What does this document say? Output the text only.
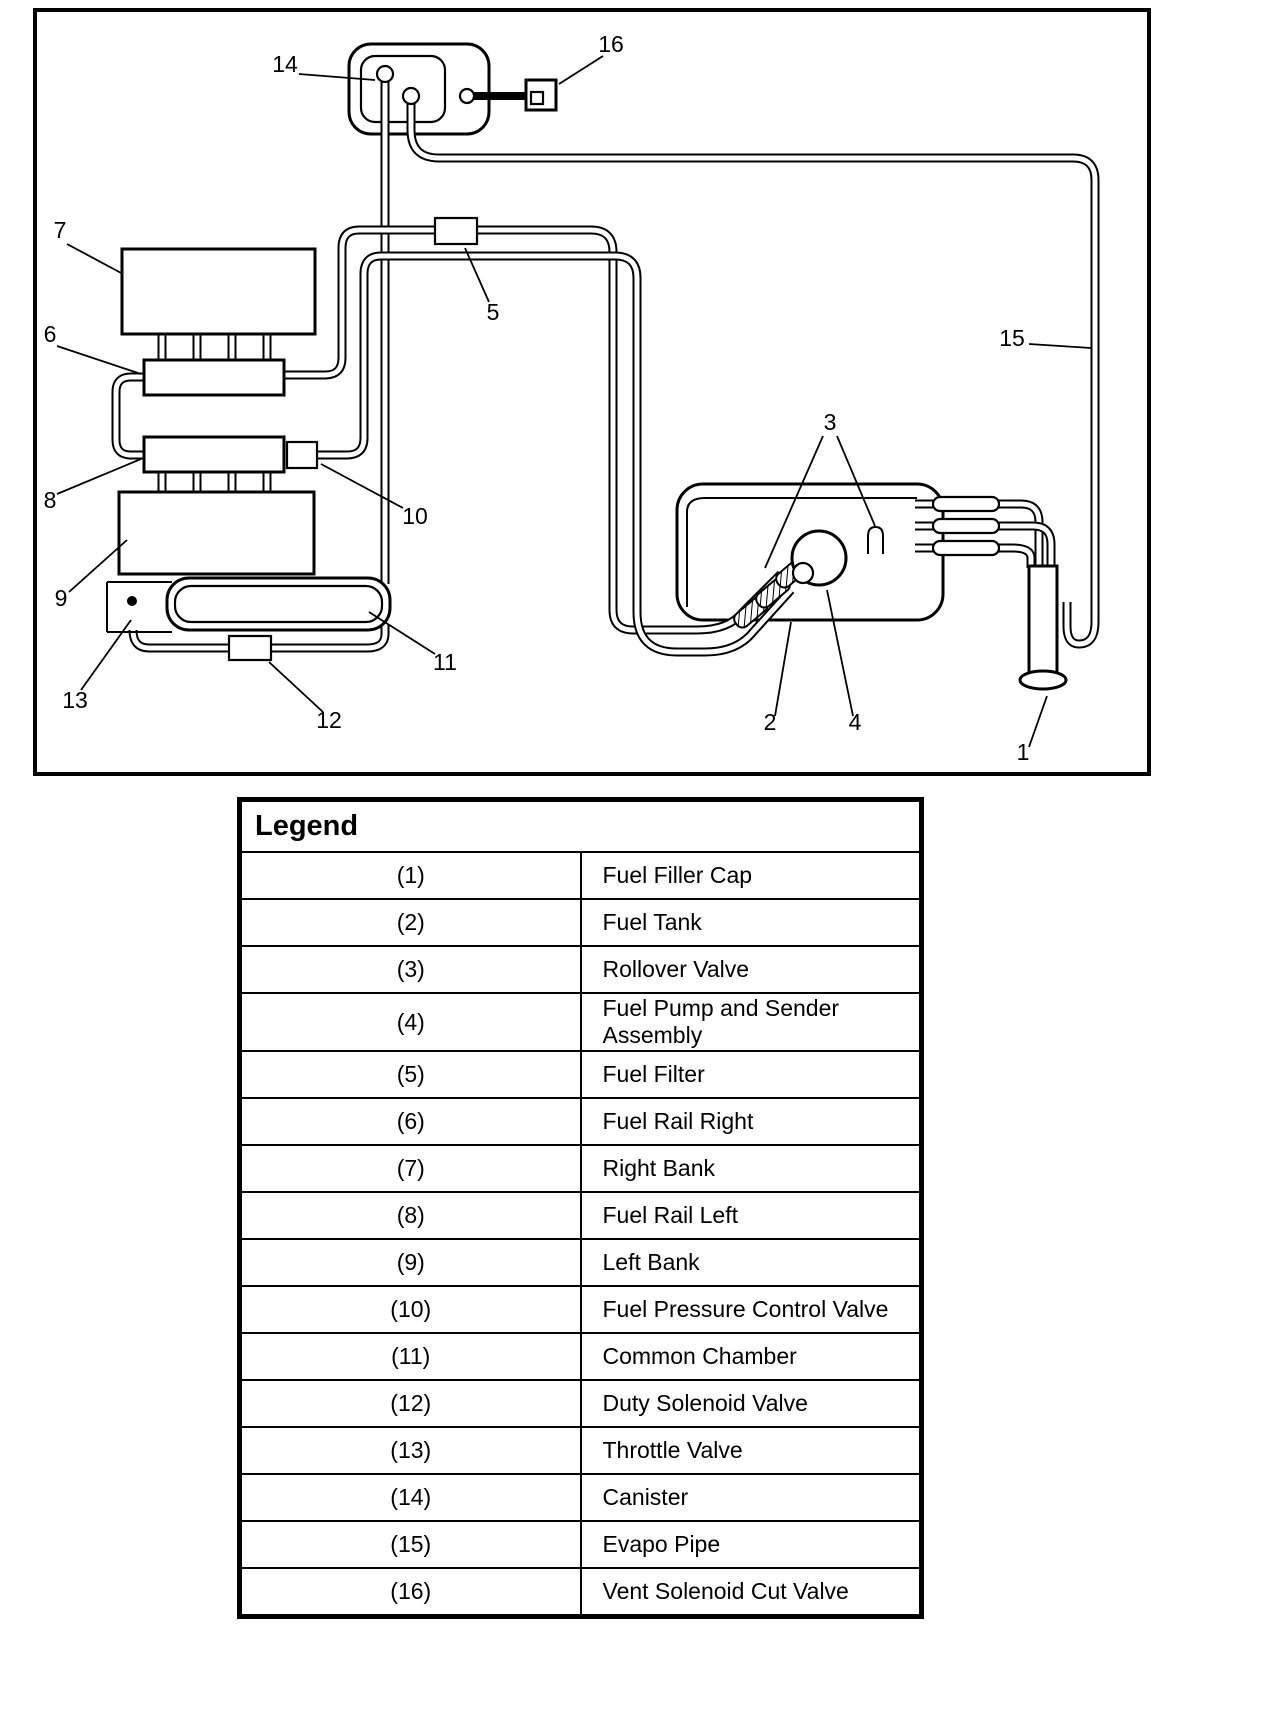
1
2
3
4
5
6
7
8
9
10
11
12
13
14
15
16
Legend	
(1)	Fuel Filler Cap
(2)	Fuel Tank
(3)	Rollover Valve
(4)	Fuel Pump and Sender Assembly
(5)	Fuel Filter
(6)	Fuel Rail Right
(7)	Right Bank
(8)	Fuel Rail Left
(9)	Left Bank
(10)	Fuel Pressure Control Valve
(11)	Common Chamber
(12)	Duty Solenoid Valve
(13)	Throttle Valve
(14)	Canister
(15)	Evapo Pipe
(16)	Vent Solenoid Cut Valve
